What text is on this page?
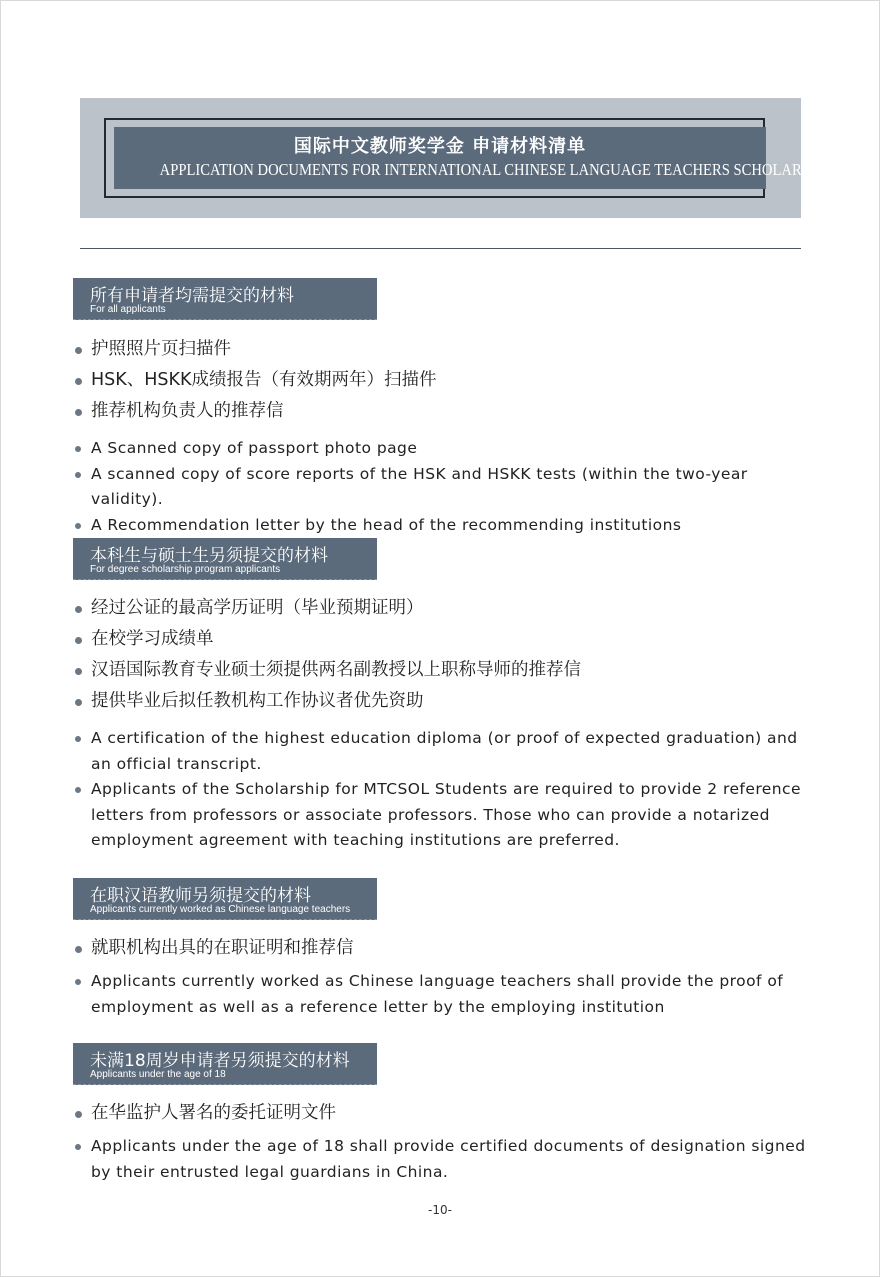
国际中文教师奖学金 申请材料清单
APPLICATION DOCUMENTS FOR INTERNATIONAL CHINESE LANGUAGE TEACHERS SCHOLARSHIP
所有申请者均需提交的材料
For all applicants
护照照片页扫描件
HSK、HSKK成绩报告（有效期两年）扫描件
推荐机构负责人的推荐信
A Scanned copy of passport photo page
A scanned copy of score reports of the HSK and HSKK tests (within the two-year validity).
A Recommendation letter by the head of the recommending institutions
本科生与硕士生另须提交的材料
For degree scholarship program applicants
经过公证的最高学历证明（毕业预期证明）
在校学习成绩单
汉语国际教育专业硕士须提供两名副教授以上职称导师的推荐信
提供毕业后拟任教机构工作协议者优先资助
A certification of the highest education diploma (or proof of expected graduation) and an official transcript.
Applicants of the Scholarship for MTCSOL Students are required to provide 2 reference letters from professors or associate professors. Those who can provide a notarized employment agreement with teaching institutions are preferred.
在职汉语教师另须提交的材料
Applicants currently worked as Chinese language teachers
就职机构出具的在职证明和推荐信
Applicants currently worked as Chinese language teachers shall provide the proof of employment as well as a reference letter by the employing institution
未满18周岁申请者另须提交的材料
Applicants under the age of 18
在华监护人署名的委托证明文件
Applicants under the age of 18 shall provide certified documents of designation signed by their entrusted legal guardians in China.
-10-
